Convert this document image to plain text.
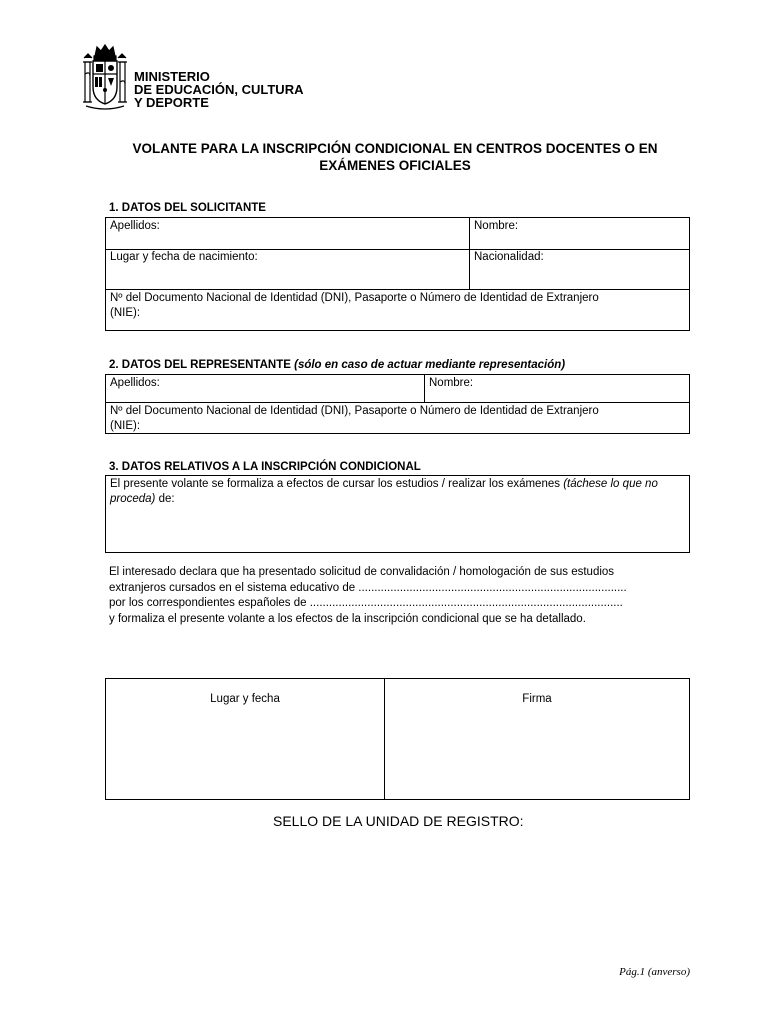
MINISTERIO
DE EDUCACIÓN, CULTURA
Y DEPORTE
VOLANTE PARA LA INSCRIPCIÓN CONDICIONAL EN CENTROS DOCENTES O EN
EXÁMENES OFICIALES
1. DATOS DEL SOLICITANTE
Apellidos:	Nombre:
Lugar y fecha de nacimiento:	Nacionalidad:
Nº del Documento Nacional de Identidad (DNI), Pasaporte o Número de Identidad de Extranjero
(NIE):
2. DATOS DEL REPRESENTANTE (sólo en caso de actuar mediante representación)
Apellidos:	Nombre:
Nº del Documento Nacional de Identidad (DNI), Pasaporte o Número de Identidad de Extranjero
(NIE):
3. DATOS RELATIVOS A LA INSCRIPCIÓN CONDICIONAL
El presente volante se formaliza a efectos de cursar los estudios / realizar los exámenes (táchese lo que no proceda) de:
El interesado declara que ha presentado solicitud de convalidación / homologación de sus estudios
extranjeros cursados en el sistema educativo de ....................................................................................
por los correspondientes españoles de ..................................................................................................
y formaliza el presente volante a los efectos de la inscripción condicional que se ha detallado.
Lugar y fecha	Firma
SELLO DE LA UNIDAD DE REGISTRO:
Pág.1 (anverso)
